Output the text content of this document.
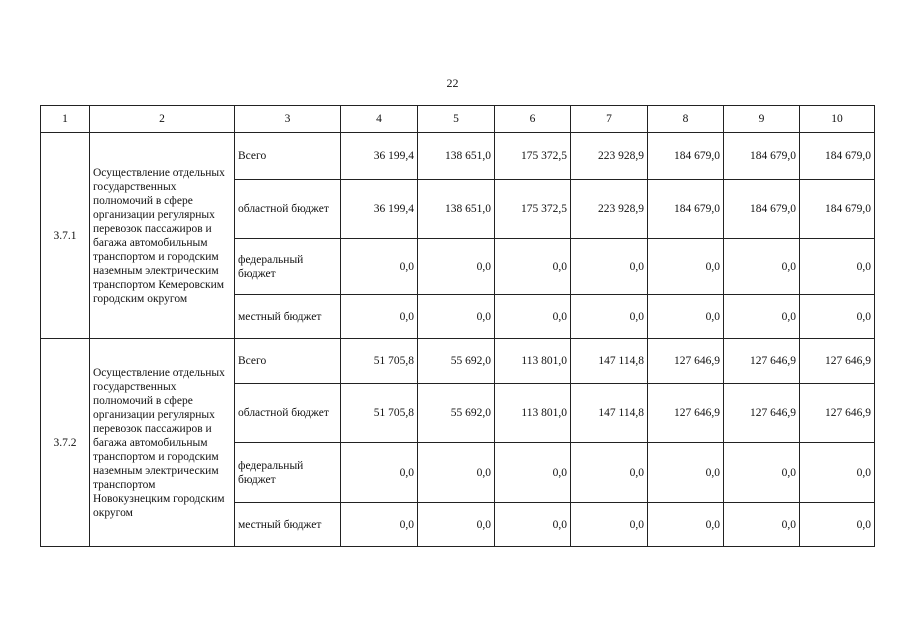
22
1	2	3	4	5	6	7	8	9	10
3.7.1	Осуществление отдельных государственных полномочий в сфере организации регулярных перевозок пассажиров и багажа автомобильным транспортом и городским наземным электрическим транспортом Кемеровским городским округом	Всего	36 199,4	138 651,0	175 372,5	223 928,9	184 679,0	184 679,0	184 679,0
		областной бюджет	36 199,4	138 651,0	175 372,5	223 928,9	184 679,0	184 679,0	184 679,0
		федеральный бюджет	0,0	0,0	0,0	0,0	0,0	0,0	0,0
		местный бюджет	0,0	0,0	0,0	0,0	0,0	0,0	0,0
3.7.2	Осуществление отдельных государственных полномочий в сфере организации регулярных перевозок пассажиров и багажа автомобильным транспортом и городским наземным электрическим транспортом Новокузнецким городским округом	Всего	51 705,8	55 692,0	113 801,0	147 114,8	127 646,9	127 646,9	127 646,9
		областной бюджет	51 705,8	55 692,0	113 801,0	147 114,8	127 646,9	127 646,9	127 646,9
		федеральный бюджет	0,0	0,0	0,0	0,0	0,0	0,0	0,0
		местный бюджет	0,0	0,0	0,0	0,0	0,0	0,0	0,0
